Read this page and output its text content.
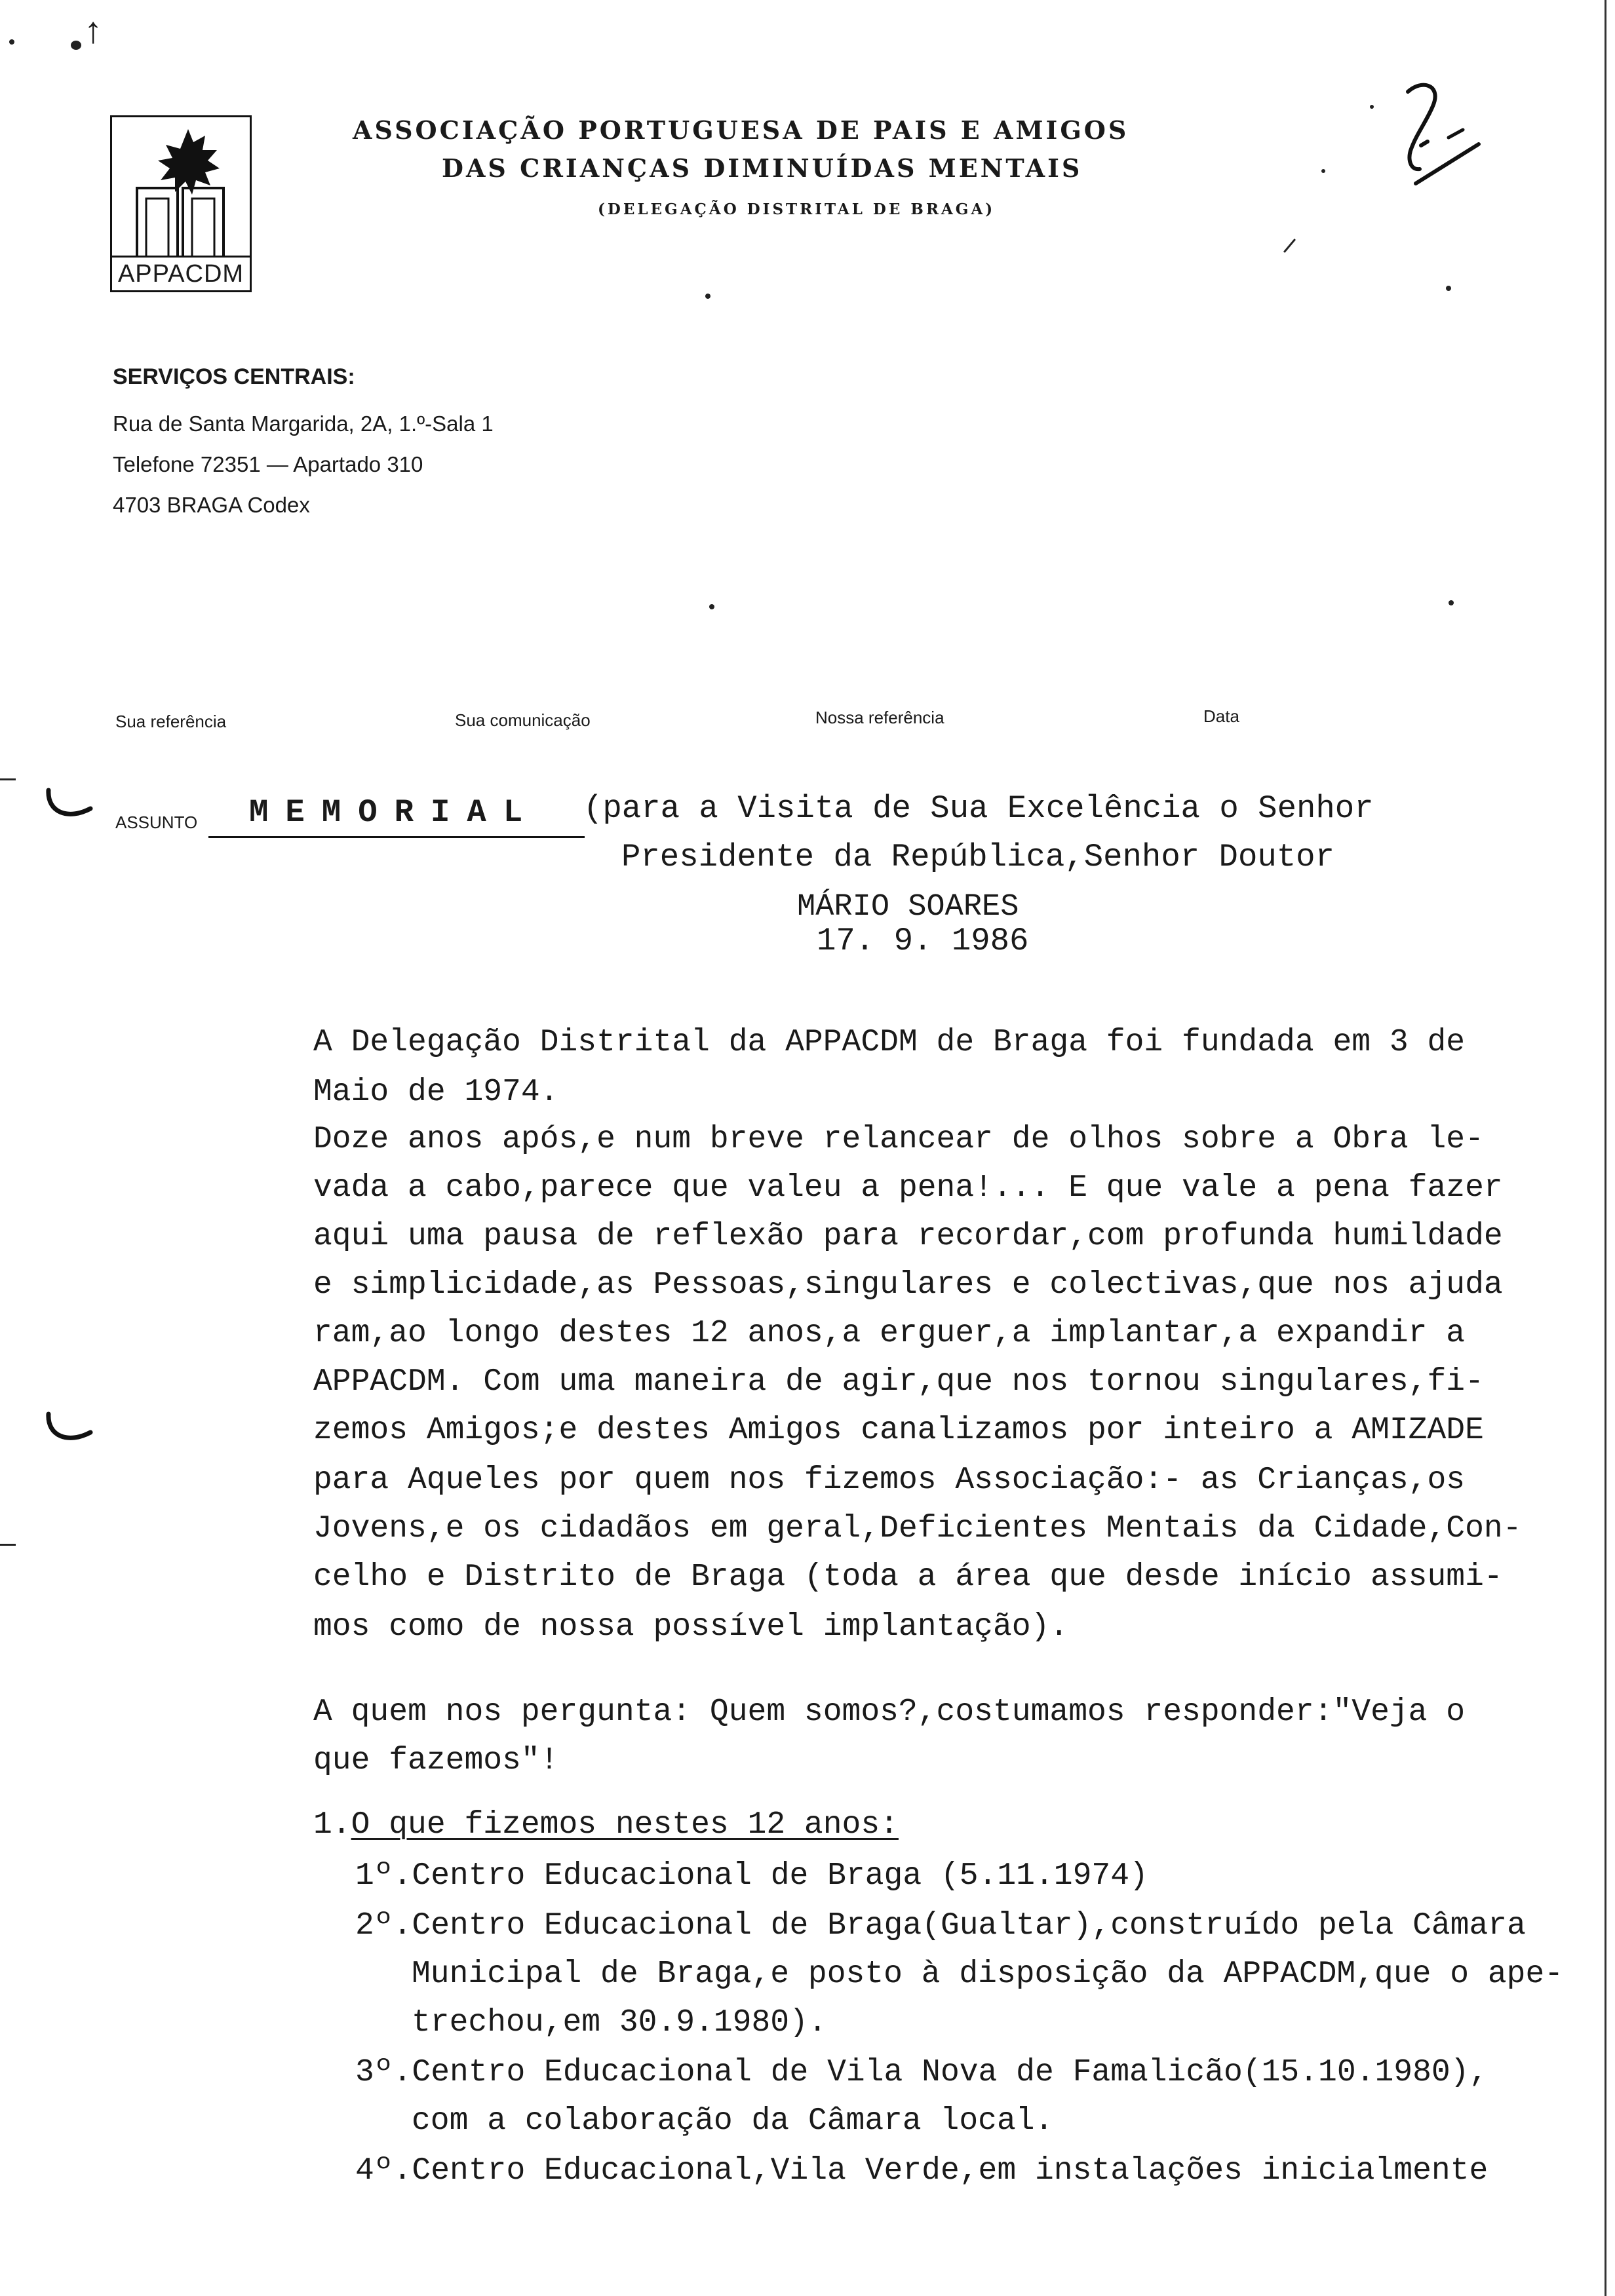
↑
APPACDM
ASSOCIAÇÃO PORTUGUESA DE PAIS E AMIGOS
DAS CRIANÇAS DIMINUÍDAS MENTAIS
(DELEGAÇÃO DISTRITAL DE BRAGA)
SERVIÇOS CENTRAIS:
Rua de Santa Margarida, 2A, 1.º-Sala 1
Telefone 72351 — Apartado 310
4703 BRAGA Codex
Sua referência	Sua comunicação	Nossa referência	Data
ASSUNTO MEMORIAL (para a Visita de Sua Excelência o Senhor
Presidente da República,Senhor Doutor
MÁRIO SOARES
17. 9. 1986
A Delegação Distrital da APPACDM de Braga foi fundada em 3 de
Maio de 1974.
Doze anos após,e num breve relancear de olhos sobre a Obra le-
vada a cabo,parece que valeu a pena!... E que vale a pena fazer
aqui uma pausa de reflexão para recordar,com profunda humildade
e simplicidade,as Pessoas,singulares e colectivas,que nos ajuda
ram,ao longo destes 12 anos,a erguer,a implantar,a expandir a
APPACDM. Com uma maneira de agir,que nos tornou singulares,fi-
zemos Amigos;e destes Amigos canalizamos por inteiro a AMIZADE
para Aqueles por quem nos fizemos Associação:- as Crianças,os
Jovens,e os cidadãos em geral,Deficientes Mentais da Cidade,Con-
celho e Distrito de Braga (toda a área que desde início assumi-
mos como de nossa possível implantação).
A quem nos pergunta: Quem somos?,costumamos responder:"Veja o
que fazemos"!
1.O que fizemos nestes 12 anos:
1º.Centro Educacional de Braga (5.11.1974)
2º.Centro Educacional de Braga(Gualtar),construído pela Câmara
Municipal de Braga,e posto à disposição da APPACDM,que o ape-
trechou,em 30.9.1980).
3º.Centro Educacional de Vila Nova de Famalicão(15.10.1980),
com a colaboração da Câmara local.
4º.Centro Educacional,Vila Verde,em instalações inicialmente
